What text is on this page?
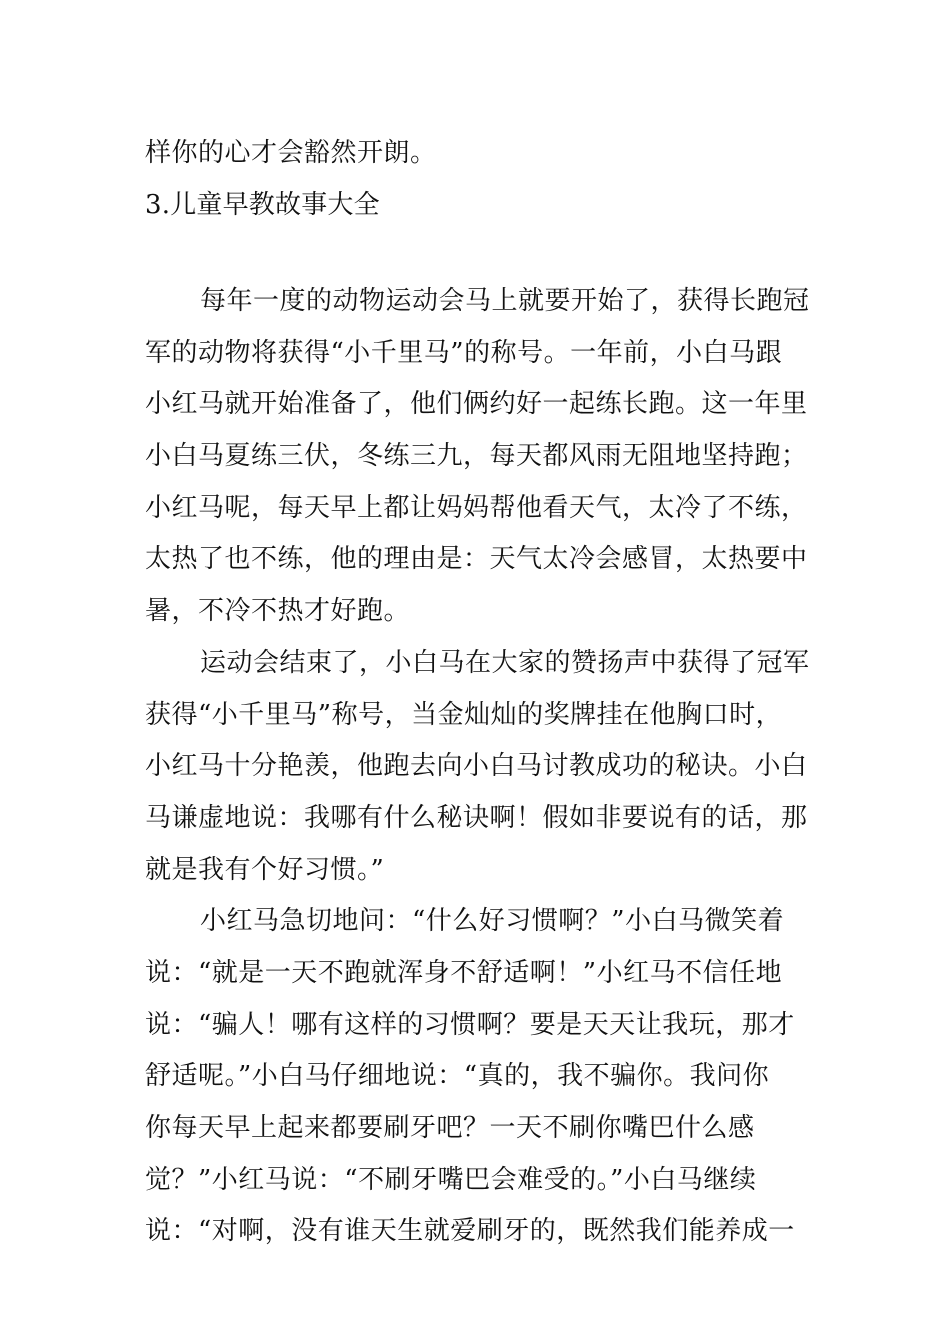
样你的心才会豁然开朗。
3.儿童早教故事大全
每年一度的动物运动会马上就要开始了，获得长跑冠
军的动物将获得“小千里马”的称号。一年前，小白马跟
小红马就开始准备了，他们俩约好一起练长跑。这一年里
小白马夏练三伏，冬练三九，每天都风雨无阻地坚持跑；
小红马呢，每天早上都让妈妈帮他看天气，太冷了不练，
太热了也不练，他的理由是：天气太冷会感冒，太热要中
暑，不冷不热才好跑。
运动会结束了，小白马在大家的赞扬声中获得了冠军
获得“小千里马”称号，当金灿灿的奖牌挂在他胸口时，
小红马十分艳羡，他跑去向小白马讨教成功的秘诀。小白
马谦虚地说：我哪有什么秘诀啊！假如非要说有的话，那
就是我有个好习惯。”
小红马急切地问：“什么好习惯啊？”小白马微笑着
说：“就是一天不跑就浑身不舒适啊！”小红马不信任地
说：“骗人！哪有这样的习惯啊？要是天天让我玩，那才
舒适呢。”小白马仔细地说：“真的，我不骗你。我问你
你每天早上起来都要刷牙吧？一天不刷你嘴巴什么感
觉？”小红马说：“不刷牙嘴巴会难受的。”小白马继续
说：“对啊，没有谁天生就爱刷牙的，既然我们能养成一
